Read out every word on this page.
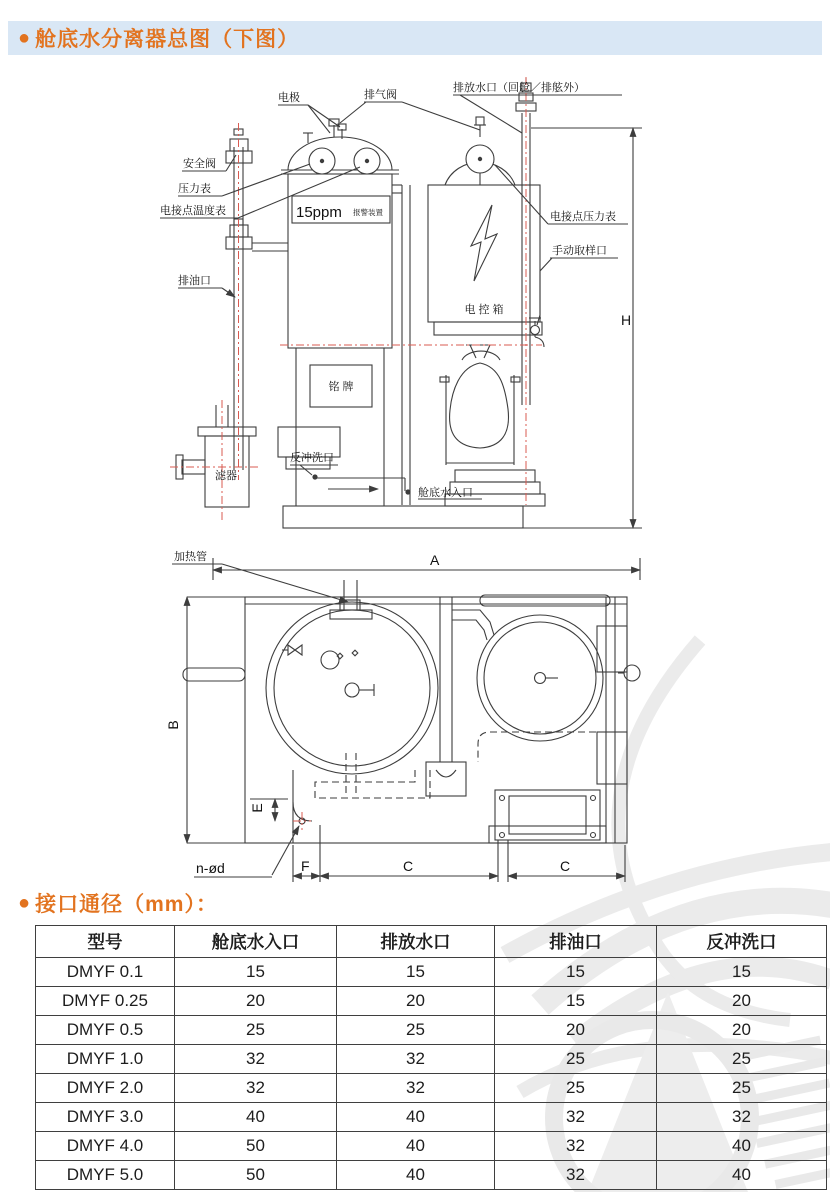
● 舱底水分离器总图（下图）
电极	排气阀
排放水口（回舱／排舷外）
安全阀
压力表
电接点温度表
排油口
15ppm 报警装置	电接点压力表
手动取样口
电 控 箱
铭 牌
反冲洗口
舱底水入口
滤器
H
加热管	A
B
E
F	C	C
n-ød
● 接口通径（mm）：
型号	舱底水入口	排放水口	排油口	反冲洗口
DMYF 0.1	15	15	15	15
DMYF 0.25	20	20	15	20
DMYF 0.5	25	25	20	20
DMYF 1.0	32	32	25	25
DMYF 2.0	32	32	25	25
DMYF 3.0	40	40	32	32
DMYF 4.0	50	40	32	40
DMYF 5.0	50	40	32	40
